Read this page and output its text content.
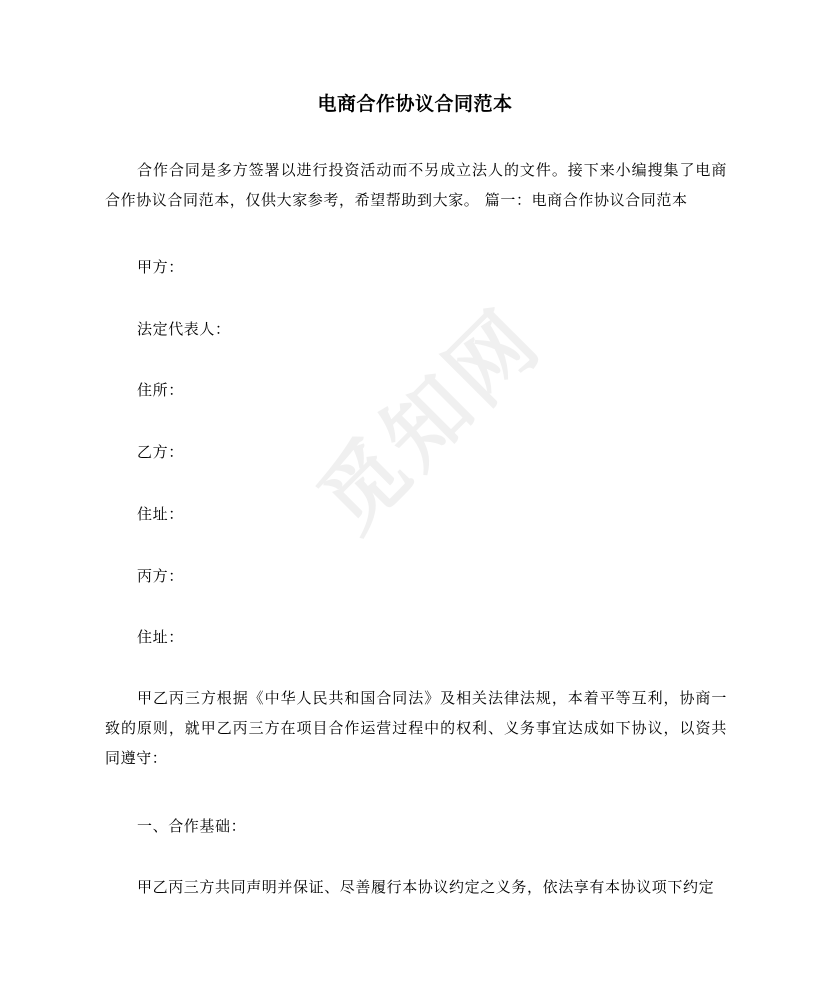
觅知网
电商合作协议合同范本

合作合同是多方签署以进行投资活动而不另成立法人的文件。接下来小编搜集了电商合作协议合同范本，仅供大家参考，希望帮助到大家。 篇一：电商合作协议合同范本

甲方：
法定代表人：
住所：
乙方：
住址：
丙方：
住址：

甲乙丙三方根据《中华人民共和国合同法》及相关法律法规，本着平等互利，协商一致的原则，就甲乙丙三方在项目合作运营过程中的权利、义务事宜达成如下协议，以资共同遵守：

一、合作基础：

甲乙丙三方共同声明并保证、尽善履行本协议约定之义务，依法享有本协议项下约定
